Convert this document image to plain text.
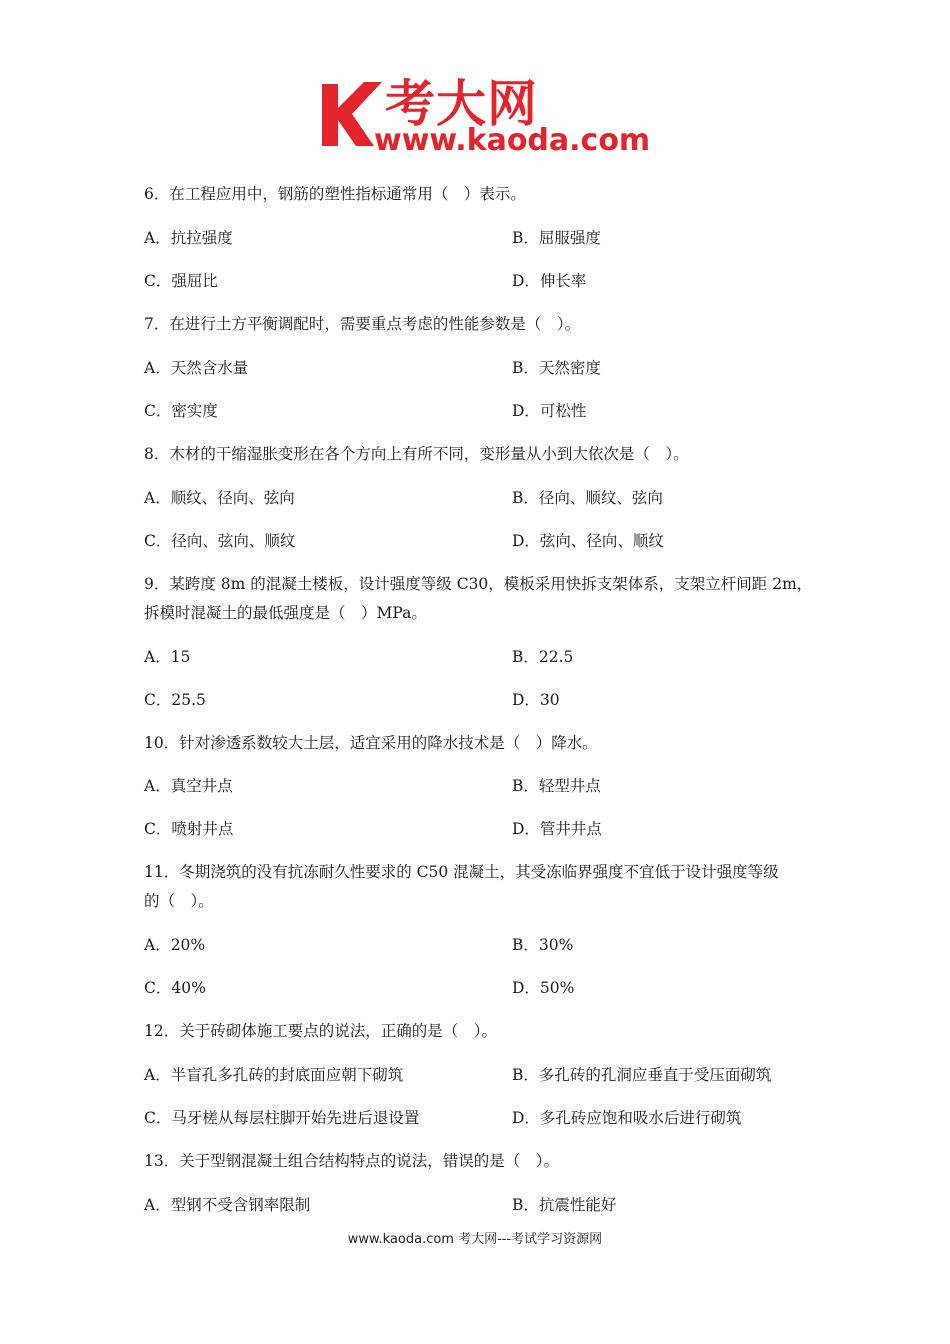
考大网
www.kaoda.com
6．在工程应用中，钢筋的塑性指标通常用（　）表示。
A．抗拉强度	B．屈服强度
C．强屈比	D．伸长率
7．在进行土方平衡调配时，需要重点考虑的性能参数是（　）。
A．天然含水量	B．天然密度
C．密实度	D．可松性
8．木材的干缩湿胀变形在各个方向上有所不同，变形量从小到大依次是（　）。
A．顺纹、径向、弦向	B．径向、顺纹、弦向
C．径向、弦向、顺纹	D．弦向、径向、顺纹
9．某跨度 8m 的混凝土楼板，设计强度等级 C30，模板采用快拆支架体系，支架立杆间距 2m，
拆模时混凝土的最低强度是（　）MPa。
A．15	B．22.5
C．25.5	D．30
10．针对渗透系数较大土层，适宜采用的降水技术是（　）降水。
A．真空井点	B．轻型井点
C．喷射井点	D．管井井点
11．冬期浇筑的没有抗冻耐久性要求的 C50 混凝土，其受冻临界强度不宜低于设计强度等级
的（　）。
A．20%	B．30%
C．40%	D．50%
12．关于砖砌体施工要点的说法，正确的是（　）。
A．半盲孔多孔砖的封底面应朝下砌筑	B．多孔砖的孔洞应垂直于受压面砌筑
C．马牙槎从每层柱脚开始先进后退设置	D．多孔砖应饱和吸水后进行砌筑
13．关于型钢混凝土组合结构特点的说法，错误的是（　）。
A．型钢不受含钢率限制	B．抗震性能好
www.kaoda.com 考大网---考试学习资源网
